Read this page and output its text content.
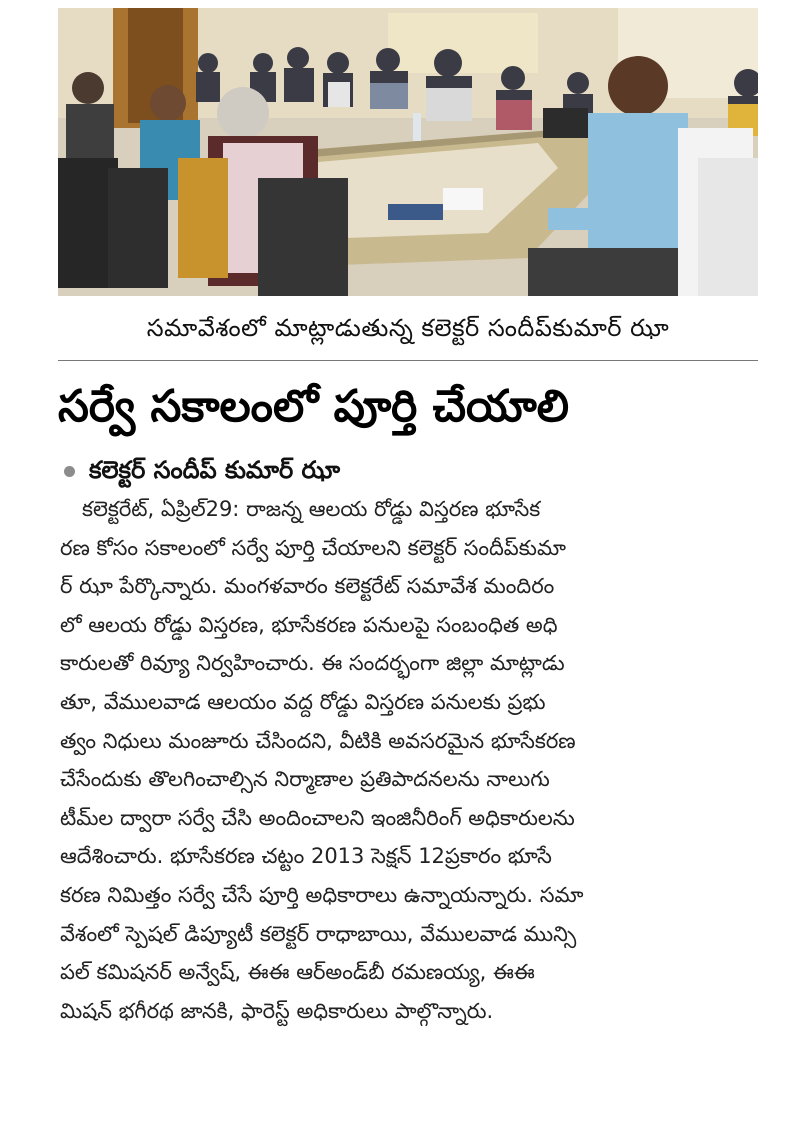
సమావేశంలో మాట్లాడుతున్న కలెక్టర్ సందీప్‌కుమార్ ఝా
సర్వే సకాలంలో పూర్తి చేయాలి
కలెక్టర్ సందీప్ కుమార్ ఝా
కలెక్టరేట్, ఏప్రిల్29: రాజన్న ఆలయ రోడ్డు విస్తరణ భూసేక
రణ కోసం సకాలంలో సర్వే పూర్తి చేయాలని కలెక్టర్ సందీప్‌కుమా
ర్ ఝా పేర్కొన్నారు. మంగళవారం కలెక్టరేట్ సమావేశ మందిరం
లో ఆలయ రోడ్డు విస్తరణ, భూసేకరణ పనులపై సంబంధిత అధి
కారులతో రివ్యూ నిర్వహించారు. ఈ సందర్భంగా జిల్లా మాట్లాడు
తూ, వేములవాడ ఆలయం వద్ద రోడ్డు విస్తరణ పనులకు ప్రభు
త్వం నిధులు మంజూరు చేసిందని, వీటికి అవసరమైన భూసేకరణ
చేసేందుకు తొలగించాల్సిన నిర్మాణాల ప్రతిపాదనలను నాలుగు
టీమ్‌ల ద్వారా సర్వే చేసి అందించాలని ఇంజినీరింగ్ అధికారులను
ఆదేశించారు. భూసేకరణ చట్టం 2013 సెక్షన్ 12ప్రకారం భూసే
కరణ నిమిత్తం సర్వే చేసే పూర్తి అధికారాలు ఉన్నాయన్నారు. సమా
వేశంలో స్పెషల్ డిప్యూటీ కలెక్టర్ రాధాబాయి, వేములవాడ మున్సి
పల్ కమిషనర్ అన్వేష్, ఈఈ ఆర్అండ్‌బీ రమణయ్య, ఈఈ
మిషన్ భగీరథ జానకి, ఫారెస్ట్ అధికారులు పాల్గొన్నారు.
